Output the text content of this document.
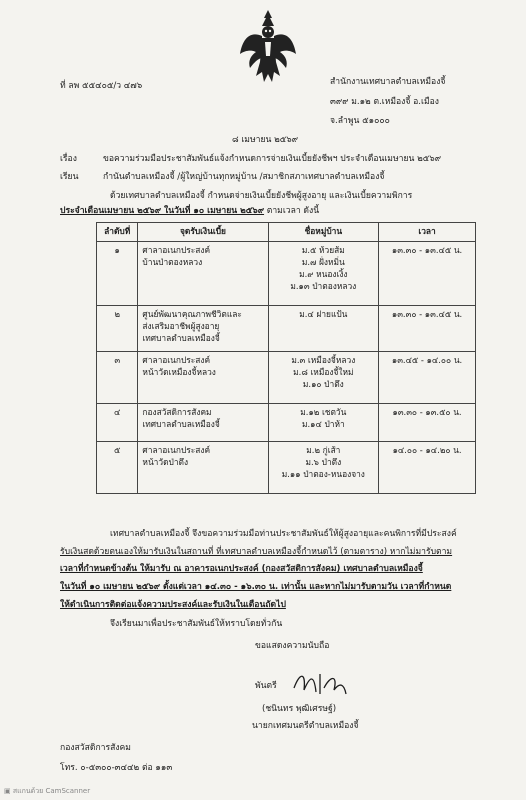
ที่ ลพ ๕๕๔๐๕/ว ๔๗๖	สำนักงานเทศบาลตำบลเหมืองจี้
๓๙๙ ม.๑๒ ต.เหมืองจี้ อ.เมือง
จ.ลำพูน ๕๑๐๐๐
๘ เมษายน ๒๕๖๙
เรื่อง	ขอความร่วมมือประชาสัมพันธ์แจ้งกำหนดการจ่ายเงินเบี้ยยังชีพฯ ประจำเดือนเมษายน ๒๕๖๙
เรียน	กำนันตำบลเหมืองจี้ /ผู้ใหญ่บ้านทุกหมู่บ้าน /สมาชิกสภาเทศบาลตำบลเหมืองจี้
ด้วยเทศบาลตำบลเหมืองจี้ กำหนดจ่ายเงินเบี้ยยังชีพผู้สูงอายุ และเงินเบี้ยความพิการ
ประจำเดือนเมษายน ๒๕๖๙ ในวันที่ ๑๐ เมษายน ๒๕๖๙ ตามเวลา ดังนี้
ลำดับที่	จุดรับเงินเบี้ย	ชื่อหมู่บ้าน	เวลา
๑	ศาลาอเนกประสงค์
บ้านป่าตองหลวง	ม.๕ ห้วยส้ม
ม.๗ ฝั่งหมิ่น
ม.๙ หนองเงิ้ง
ม.๑๓ ป่าตองหลวง	๑๓.๓๐ - ๑๓.๔๕ น.
๒	ศูนย์พัฒนาคุณภาพชีวิตและ
ส่งเสริมอาชีพผู้สูงอายุ
เทศบาลตำบลเหมืองจี้	ม.๔ ฝายแป้น	๑๓.๓๐ - ๑๓.๔๕ น.
๓	ศาลาอเนกประสงค์
หน้าวัดเหมืองจี้หลวง	ม.๓ เหมืองจี้หลวง
ม.๘ เหมืองจี้ใหม่
ม.๑๐ ป่าตึง	๑๓.๔๕ - ๑๔.๐๐ น.
๔	กองสวัสดิการสังคม
เทศบาลตำบลเหมืองจี้	ม.๑๒ เชตวัน
ม.๑๔ ป่าห้า	๑๓.๓๐ - ๑๓.๕๐ น.
๕	ศาลาอเนกประสงค์
หน้าวัดป่าตึง	ม.๒ กู่เส้า
ม.๖ ป่าตึง
ม.๑๑ ป่าตอง-หนองจาง	๑๔.๐๐ - ๑๔.๒๐ น.
เทศบาลตำบลเหมืองจี้ จึงขอความร่วมมือท่านประชาสัมพันธ์ให้ผู้สูงอายุและคนพิการที่มีประสงค์
รับเงินสดด้วยตนเองให้มารับเงินในสถานที่ ที่เทศบาลตำบลเหมืองจี้กำหนดไว้ (ตามตาราง) หากไม่มารับตาม
เวลาที่กำหนดข้างต้น ให้มารับ ณ อาคารอเนกประสงค์ (กองสวัสดิการสังคม) เทศบาลตำบลเหมืองจี้
ในวันที่ ๑๐ เมษายน ๒๕๖๙ ตั้งแต่เวลา ๑๔.๓๐ - ๑๖.๓๐ น. เท่านั้น และหากไม่มารับตามวัน เวลาที่กำหนด
ให้ดำเนินการติดต่อแจ้งความประสงค์และรับเงินในเดือนถัดไป
จึงเรียนมาเพื่อประชาสัมพันธ์ให้ทราบโดยทั่วกัน
ขอแสดงความนับถือ
พันตรี
(ชนินทร พุฒิเศรษฐ์)
นายกเทศมนตรีตำบลเหมืองจี้
กองสวัสดิการสังคม
โทร. ๐-๕๓๐๐-๓๔๔๒ ต่อ ๑๑๓
▣ สแกนด้วย CamScanner
